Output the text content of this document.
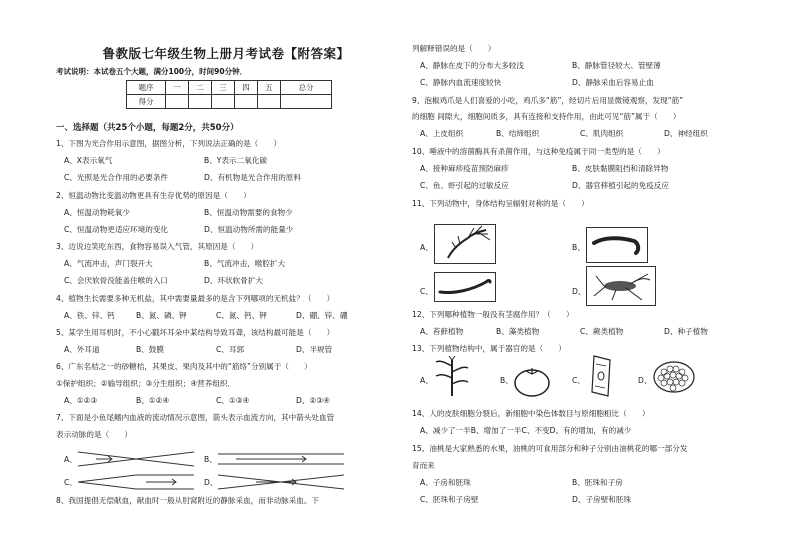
鲁教版七年级生物上册月考试卷【附答案】
考试说明：本试卷五个大题，满分100分，时间90分钟．
题序	一	二	三	四	五	总分
得分						
一、选择题（共25个小题，每题2分，共50分）
1、下图为光合作用示意图，据图分析，下列说法正确的是（　　）
A、X表示氧气	B、Y表示二氧化碳
C、光照是光合作用的必要条件	D、有机物是光合作用的原料
2、恒温动物比变温动物更具有生存优势的原因是（　　）
A、恒温动物耗氧少	B、恒温动物需要的食物少
C、恒温动物更适应环境的变化	D、恒温动物所需的能量少
3、边说边笑吃东西，食物容易误入气管，其原因是（　　）
A、气流冲击，声门裂开大	B、气流冲击，喉腔扩大
C、会厌软骨没能盖住喉的入口	D、环状软骨扩大
4、植物生长需要多种无机盐，其中需要量最多的是含下列哪项的无机盐？（　　）
A、铁、锌、钙	B、氮、磷、钾	C、氮、钙、钾	D、硼、锌、硼
5、某学生用耳机时，不小心戳坏耳朵中某结构导致耳聋，该结构最可能是（　　）
A、外耳道	B、鼓膜	C、耳郭	D、半规管
6、广东名桔之一的砂糖桔，其果皮、果肉及其中的“筋络”分别属于（　　）
①保护组织；②输导组织；③分生组织；④营养组织．
A、①②③	B、①②④	C、①③④	D、②③④
7、下面是小鱼尾鳍内血液的流动情况示意图，箭头表示血流方向，其中箭头处血管
表示动脉的是（　　）
A、	B、
C、	D、
8、我国提倡无偿献血，献血时一般从肘窝附近的静脉采血，而非动脉采血。下
列解释错误的是（　　）
A、静脉在皮下的分布大多较浅	B、静脉管径较大、管壁薄
C、静脉内血流速度较快	D、静脉采血后容易止血
9、泡椒鸡爪是人们喜爱的小吃，鸡爪多“筋”，经切片后用显微镜观察，发现“筋”
的细胞 间隙大，细胞间质多，具有连接和支持作用，由此可见“筋”属于（　　）
A、上皮组织	B、结缔组织	C、肌肉组织	D、神经组织
10、唾液中的溶菌酶具有杀菌作用，与这种免疫属于同一类型的是（　　）
A、接种麻疹疫苗预防麻疹	B、皮肤黏膜阻挡和清除异物
C、鱼、虾引起的过敏反应	D、器官移植引起的免疫反应
11、下列动物中，身体结构呈辐射对称的是（　　）
A、	B、
C、	D、
12、下列哪种植物一般没有茎腐作用？（　　）
A、苔藓植物	B、藻类植物	C、蕨类植物	D、种子植物
13、下列植物结构中，属于器官的是（　　）
A、	B、	C、	D、
14、人的皮肤细胞分裂后，新细胞中染色体数目与原细胞相比（　　）
A、减少了一半B、增加了一半C、不变D、有的增加，有的减少
15、油桃是大家熟悉的水果，油桃的可食用部分和种子分别由油桃花的哪一部分发
育而来
A、子房和胚珠	B、胚珠和子房
C、胚珠和子房壁	D、子房壁和胚珠
